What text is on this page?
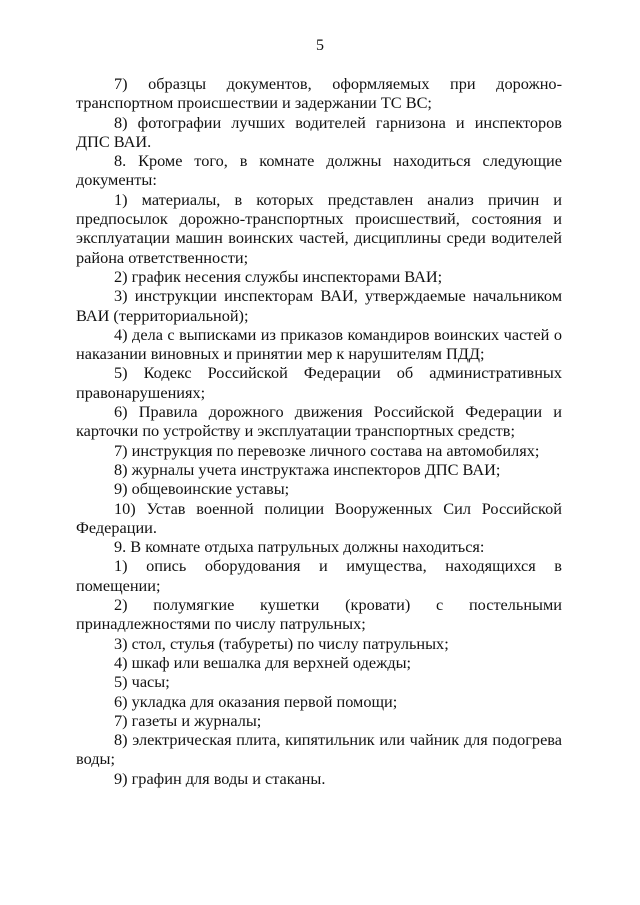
5

7) образцы документов, оформляемых при дорожно-транспортном происшествии и задержании ТС ВС;

8) фотографии лучших водителей гарнизона и инспекторов ДПС ВАИ.

8. Кроме того, в комнате должны находиться следующие документы:

1) материалы, в которых представлен анализ причин и предпосылок дорожно-транспортных происшествий, состояния и эксплуатации машин воинских частей, дисциплины среди водителей района ответственности;

2) график несения службы инспекторами ВАИ;

3) инструкции инспекторам ВАИ, утверждаемые начальником ВАИ (территориальной);

4) дела с выписками из приказов командиров воинских частей о наказании виновных и принятии мер к нарушителям ПДД;

5) Кодекс Российской Федерации об административных правонарушениях;

6) Правила дорожного движения Российской Федерации и карточки по устройству и эксплуатации транспортных средств;

7) инструкция по перевозке личного состава на автомобилях;

8) журналы учета инструктажа инспекторов ДПС ВАИ;

9) общевоинские уставы;

10) Устав военной полиции Вооруженных Сил Российской Федерации.

9. В комнате отдыха патрульных должны находиться:

1) опись оборудования и имущества, находящихся в помещении;

2) полумягкие кушетки (кровати) с постельными принадлежностями по числу патрульных;

3) стол, стулья (табуреты) по числу патрульных;

4) шкаф или вешалка для верхней одежды;

5) часы;

6) укладка для оказания первой помощи;

7) газеты и журналы;

8) электрическая плита, кипятильник или чайник для подогрева воды;

9) графин для воды и стаканы.
